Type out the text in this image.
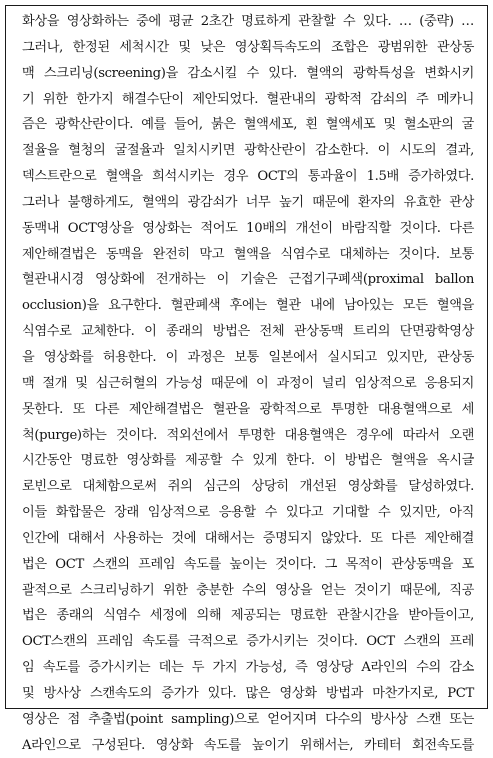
화상을 영상화하는 중에 평균 2초간 명료하게 관찰할 수 있다. … (중략) …
그러나, 한정된 세척시간 및 낮은 영상획득속도의 조합은 광범위한 관상동
맥 스크리닝(screening)을 감소시킬 수 있다. 혈액의 광학특성을 변화시키
기 위한 한가지 해결수단이 제안되었다. 혈관내의 광학적 감쇠의 주 메카니
즘은 광학산란이다. 예를 들어, 붉은 혈액세포, 흰 혈액세포 및 혈소판의 굴
절율을 혈청의 굴절율과 일치시키면 광학산란이 감소한다. 이 시도의 결과,
덱스트란으로 혈액을 희석시키는 경우 OCT의 통과율이 1.5배 증가하였다.
그러나 불행하게도, 혈액의 광감쇠가 너무 높기 때문에 환자의 유효한 관상
동맥내 OCT영상을 영상화는 적어도 10배의 개선이 바람직할 것이다. 다른
제안해결법은 동맥을 완전히 막고 혈액을 식염수로 대체하는 것이다. 보통
혈관내시경 영상화에 전개하는 이 기술은 근접기구폐색(proximal ballon
occlusion)을 요구한다. 혈관폐색 후에는 혈관 내에 남아있는 모든 혈액을
식염수로 교체한다. 이 종래의 방법은 전체 관상동맥 트리의 단면광학영상
을 영상화를 허용한다. 이 과정은 보통 일본에서 실시되고 있지만, 관상동
맥 절개 및 심근허혈의 가능성 때문에 이 과정이 널리 임상적으로 응용되지
못한다. 또 다른 제안해결법은 혈관을 광학적으로 투명한 대용혈액으로 세
척(purge)하는 것이다. 적외선에서 투명한 대용혈액은 경우에 따라서 오랜
시간동안 명료한 영상화를 제공할 수 있게 한다. 이 방법은 혈액을 옥시글
로빈으로 대체함으로써 쥐의 심근의 상당히 개선된 영상화를 달성하였다.
이들 화합물은 장래 임상적으로 응용할 수 있다고 기대할 수 있지만, 아직
인간에 대해서 사용하는 것에 대해서는 증명되지 않았다. 또 다른 제안해결
법은 OCT 스캔의 프레임 속도를 높이는 것이다. 그 목적이 관상동맥을 포
괄적으로 스크리닝하기 위한 충분한 수의 영상을 얻는 것이기 때문에, 직공
법은 종래의 식염수 세정에 의해 제공되는 명료한 관찰시간을 받아들이고,
OCT스캔의 프레임 속도를 극적으로 증가시키는 것이다. OCT 스캔의 프레
임 속도를 증가시키는 데는 두 가지 가능성, 즉 영상당 A라인의 수의 감소
및 방사상 스캔속도의 증가가 있다. 많은 영상화 방법과 마찬가지로, PCT
영상은 점 추출법(point sampling)으로 얻어지며 다수의 방사상 스캔 또는
A라인으로 구성된다. 영상화 속도를 높이기 위해서는, 카테터 회전속도를
